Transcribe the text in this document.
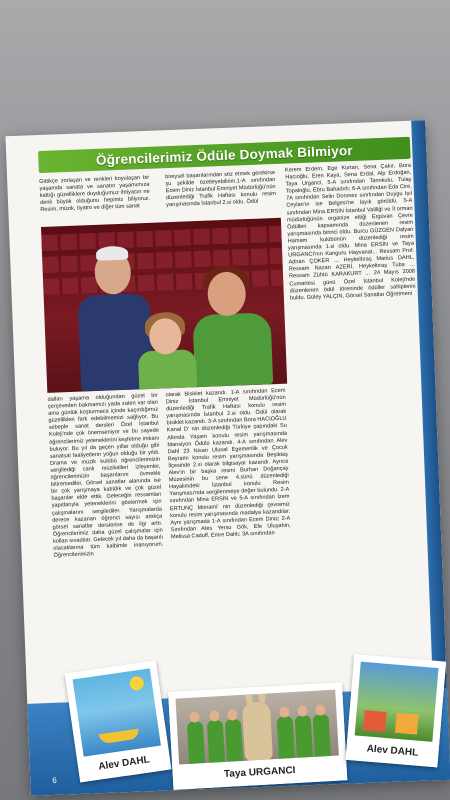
Öğrencilerimiz Ödüle Doymak Bilmiyor

Gittikçe zorlaşan ve renkleri koyulaşan bir yaşamda sanata ve sanatın yaşamımıza kattığı güzelliklere duyduğumuz ihtiyacın ne denli büyük olduğunu hepimiz biliyoruz. Resim, müzik, tiyatro ve diğer tüm sanat

bireysel başarılarından söz etmek gerekirse şu şekilde özetleyebilirim.1-A sınıfından Ecem Diniz İstanbul Emniyet Müdürlüğü'nün düzenlediği Trafik Haftası konulu resim yarışmasında İstanbul 2.si oldu. Ödül

Kerem Erdem, Ege Kurtan, Sena Çakır, Bora Hacıoğlu, Eren Kaya, Sena Erdal, Alp Erdoğan, Taya Urganci, 5-A sınıfından Tannkulu, Tulay Topaloğlu, Ebru Bahadırlı; 6-A sınıfından Eda Cire, 7A sınıfından Selin Donmez sınıfından Duygu Işıl Ceylan'ın ise Belgesi'ne layık görüldü. 5-A sınıfından Mina ERSİN İstanbul Valiliği ve İl orman müdürlüğünün organize ettiği Ergüvan Çevre Ödülleri kapsamında düzenlenen resim yarışmasında birinci oldu. Burcu GÜZGEN Dalyan Hamam kulübünün düzenlediği resim yarışmasında 1.si oldu. Mina ERSİN ve Taya URGANCI'nın Kanguru Hayvanat... Ressam Prof. Adnan ÇOKER ... Heykeltıraş Marius DAHL, Ressam Nazan AZERİ, Heykeltıraş Tuba ... Ressam Zühtü KARAKURT ... 24 Mayıs 2008 Cumartesi günü Özel İstanbul Koleji'nde düzenlenen ödül töreninde ödüller sahiplerini buldu. Güley YALÇIN, Görsel Sanatlar Öğretmeni

dalları yaşama olduğundan güzel bir çerçeveden bakmamızı yada zaten var olan ama günlük koşturmaca içinde kaçırdığımız güzellikleri fark edebilmemizi sağlıyor. Bu sebeple sanat dersleri Özel İstanbul Koleji'nde çok önemseniyor ve bu sayede öğrencilerimiz yeteneklerini keşfetme imkanı buluyor. Bu yıl da geçen yıllar olduğu gibi sanatsal faaliyetlerin yoğun olduğu bir yıldı. Drama ve müzik kulübü öğrencilerimizin sergilediği canlı müzikalleri izleyenler, öğrencilerimizin başarılarını övmekle bitiremediler. Görsel sanatlar alanında ise bir çok yarışmaya katıldık ve çok güzel başarılar elde ettik. Geleceğin ressamları yapıtlarıyla yeteneklerini göstermek için çalışmalarını sergilediler. Yarışmalarda derece kazanan öğrenci sayısı artıkça görsel sanatlar derslerine de ilgi arttı. Öğrencilerimiz daha güzel çalışmalar için kollan sıvadılar. Gelecek yıl daha da başarılı olacaklarına tüm kalbimle inanıyorum. Öğrencilerimizin

olarak Bisiklet kazandı. 1-A sınıfından Ecem Diniz İstanbul Emniyet Müdürlüğü'nün düzenlediği Trafik Haftası konulu resim yarışmasında İstanbul 2.si oldu. Ödül olarak bisiklet kazandı. 3-A sınıfından Bora HACIOĞLU Kanal D' nin düzenlediği Türkiye çapındaki Su Altında Yaşam konulu resim yarışmasında Mansiyon Ödülü kazandı. 4-A sınıfından Alev Dahl 23 Nisan Ulusal Egemenlik ve Çocuk Bayramı konulu resim yarışmasında Beşiktaş İlçesinde 2.si olarak bilgisayar kazandı. Ayrıca Alev'in bir başka resmi Burhan Doğançay Müzesinin bu sene 4.sünü düzenlediği Hayalimdeki İstanbul konulu Resim Yarışması'nda sergilenmeye değer bulundu. 2-A sınıfından Mina ERSİN ve 5-A sınıfından İzem ERTUNÇ Monami' nin düzenlediği çevremiz konulu resim yarışmasında madalya kazandılar. Aynı yarışmada 1-A sınıfından Ecem Diniz; 2-A Sınıfından Ates Yersu Gök, Efe Uluşahin, Melissa Caduff, Emre Dahlı; 3A sınıfından

Alev DAHL	Taya URGANCI
Alev DAHL
6
